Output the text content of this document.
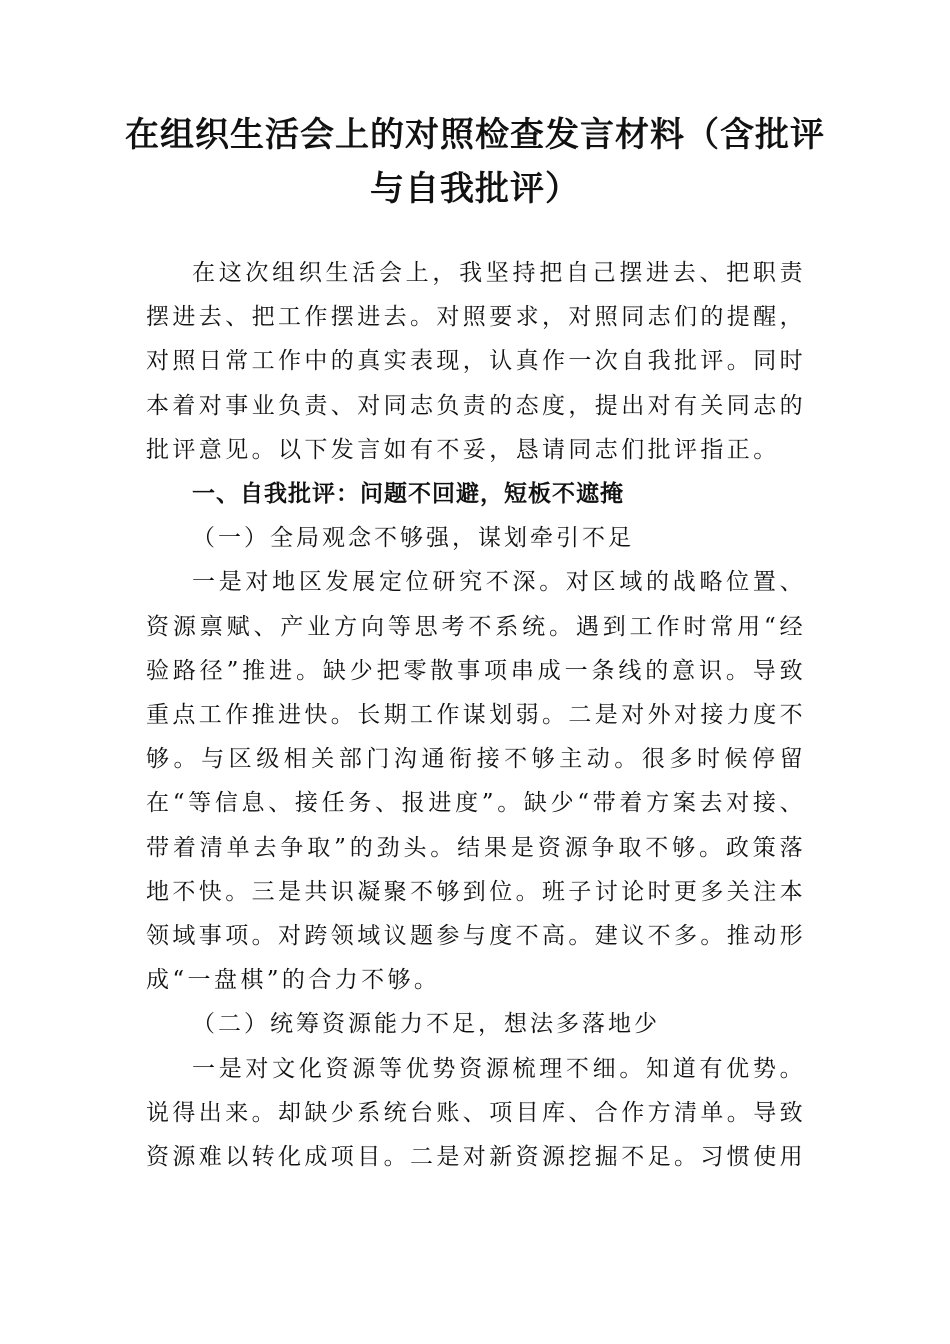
在组织生活会上的对照检查发言材料（含批评与自我批评）

在这次组织生活会上，我坚持把自己摆进去、把职责摆进去、把工作摆进去。对照要求，对照同志们的提醒，对照日常工作中的真实表现，认真作一次自我批评。同时本着对事业负责、对同志负责的态度，提出对有关同志的批评意见。以下发言如有不妥，恳请同志们批评指正。

一、自我批评：问题不回避，短板不遮掩

（一）全局观念不够强，谋划牵引不足

一是对地区发展定位研究不深。对区域的战略位置、资源禀赋、产业方向等思考不系统。遇到工作时常用“经验路径”推进。缺少把零散事项串成一条线的意识。导致重点工作推进快。长期工作谋划弱。二是对外对接力度不够。与区级相关部门沟通衔接不够主动。很多时候停留在“等信息、接任务、报进度”。缺少“带着方案去对接、带着清单去争取”的劲头。结果是资源争取不够。政策落地不快。三是共识凝聚不够到位。班子讨论时更多关注本领域事项。对跨领域议题参与度不高。建议不多。推动形成“一盘棋”的合力不够。

（二）统筹资源能力不足，想法多落地少

一是对文化资源等优势资源梳理不细。知道有优势。说得出来。却缺少系统台账、项目库、合作方清单。导致资源难以转化成项目。二是对新资源挖掘不足。习惯使用
